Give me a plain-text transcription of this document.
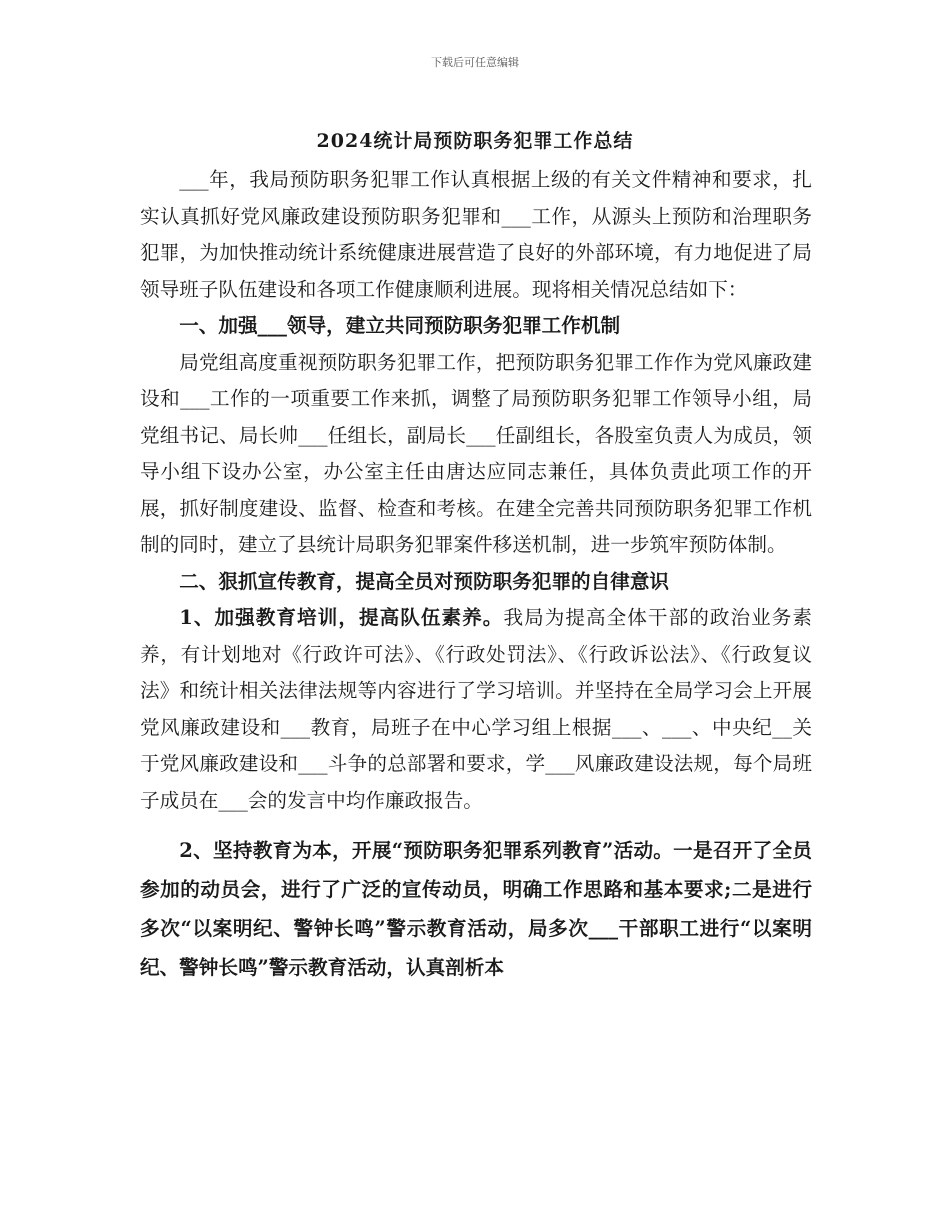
下载后可任意编辑
2024统计局预防职务犯罪工作总结

___年，我局预防职务犯罪工作认真根据上级的有关文件精神和要求，扎实认真抓好党风廉政建设预防职务犯罪和___工作，从源头上预防和治理职务犯罪，为加快推动统计系统健康进展营造了良好的外部环境，有力地促进了局领导班子队伍建设和各项工作健康顺利进展。现将相关情况总结如下：

一、加强___领导，建立共同预防职务犯罪工作机制

局党组高度重视预防职务犯罪工作，把预防职务犯罪工作作为党风廉政建设和___工作的一项重要工作来抓，调整了局预防职务犯罪工作领导小组，局党组书记、局长帅___任组长，副局长___任副组长，各股室负责人为成员，领导小组下设办公室，办公室主任由唐达应同志兼任，具体负责此项工作的开展，抓好制度建设、监督、检查和考核。在建全完善共同预防职务犯罪工作机制的同时，建立了县统计局职务犯罪案件移送机制，进一步筑牢预防体制。

二、狠抓宣传教育，提高全员对预防职务犯罪的自律意识

1、加强教育培训，提高队伍素养。我局为提高全体干部的政治业务素养，有计划地对《行政许可法》、《行政处罚法》、《行政诉讼法》、《行政复议法》和统计相关法律法规等内容进行了学习培训。并坚持在全局学习会上开展党风廉政建设和___教育，局班子在中心学习组上根据___、___、中央纪__关于党风廉政建设和___斗争的总部署和要求，学___风廉政建设法规，每个局班子成员在___会的发言中均作廉政报告。

2、坚持教育为本，开展“预防职务犯罪系列教育”活动。一是召开了全员参加的动员会，进行了广泛的宣传动员，明确工作思路和基本要求;二是进行多次“以案明纪、警钟长鸣”警示教育活动，局多次___干部职工进行“以案明纪、警钟长鸣”警示教育活动，认真剖析本
